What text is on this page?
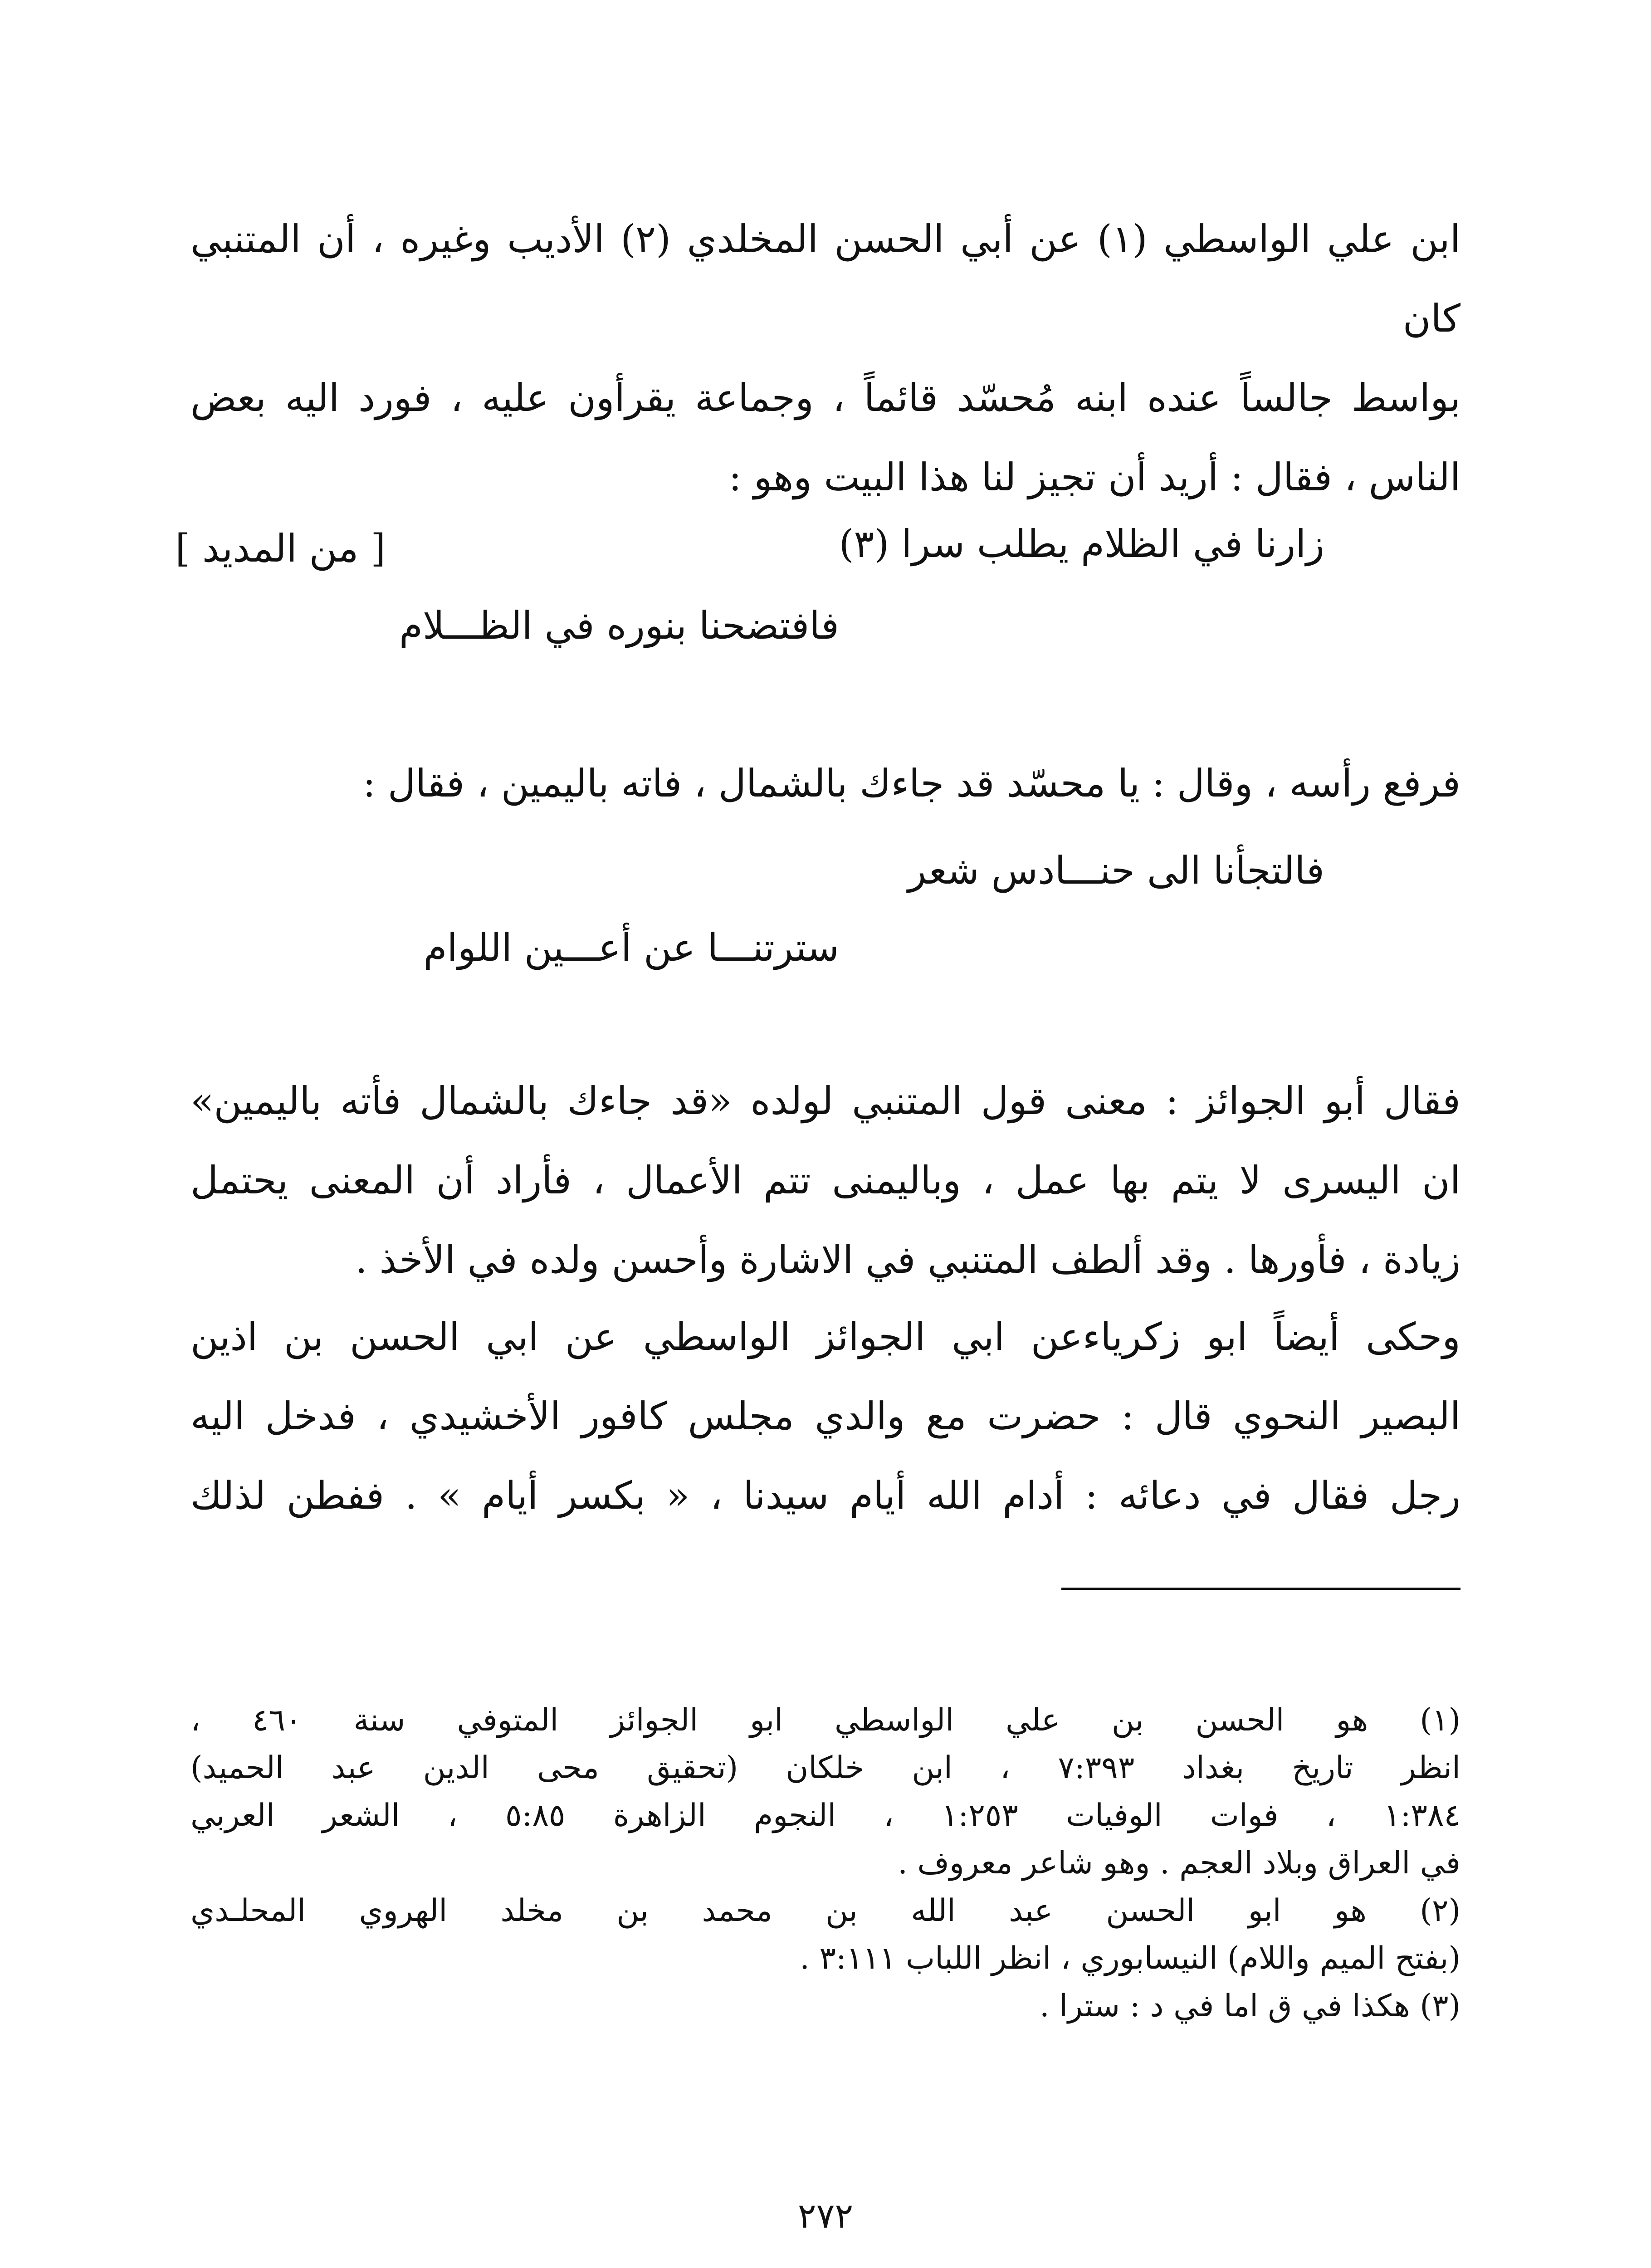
ابن علي الواسطي (١) عن أبي الحسن المخلدي (٢) الأديب وغيره ، أن المتنبي كان
بواسط جالساً عنده ابنه مُحسّد قائماً ، وجماعة يقرأون عليه ، فورد اليه بعض
الناس ، فقال : أريد أن تجيز لنا هذا البيت وهو :
[ من المديد ]	زارنا في الظلام يطلب سرا (٣)
فافتضحنا بنوره في الظـــلام
فرفع رأسه ، وقال : يا محسّد قد جاءك بالشمال ، فاته باليمين ، فقال :
فالتجأنا الى حنـــادس شعر
سترتنـــا عن أعـــين اللوام
فقال أبو الجوائز : معنى قول المتنبي لولده «قد جاءك بالشمال فأته باليمين»
ان اليسرى لا يتم بها عمل ، وباليمنى تتم الأعمال ، فأراد أن المعنى يحتمل
زيادة ، فأورها . وقد ألطف المتنبي في الاشارة وأحسن ولده في الأخذ .
وحكى أيضاً ابو زكرياءعن ابي الجوائز الواسطي عن ابي الحسن بن اذين
البصير النحوي قال : حضرت مع والدي مجلس كافور الأخشيدي ، فدخل اليه
رجل فقال في دعائه : أدام الله أيام سيدنا ، « بكسر أيام » . ففطن لذلك
(١) هو الحسن بن علي الواسطي ابو الجوائز المتوفي سنة ٤٦٠ ،
انظر تاريخ بغداد ٧:٣٩٣ ، ابن خلكان (تحقيق محى الدين عبد الحميد)
١:٣٨٤ ، فوات الوفيات ١:٢٥٣ ، النجوم الزاهرة ٥:٨٥ ، الشعر العربي
في العراق وبلاد العجم . وهو شاعر معروف .
(٢) هو ابو الحسن عبد الله بن محمد بن مخلد الهروي المحلـدي
(بفتح الميم واللام) النيسابوري ، انظر اللباب ٣:١١١ .
(٣) هكذا في ق اما في د : سترا .
٢٧٢
